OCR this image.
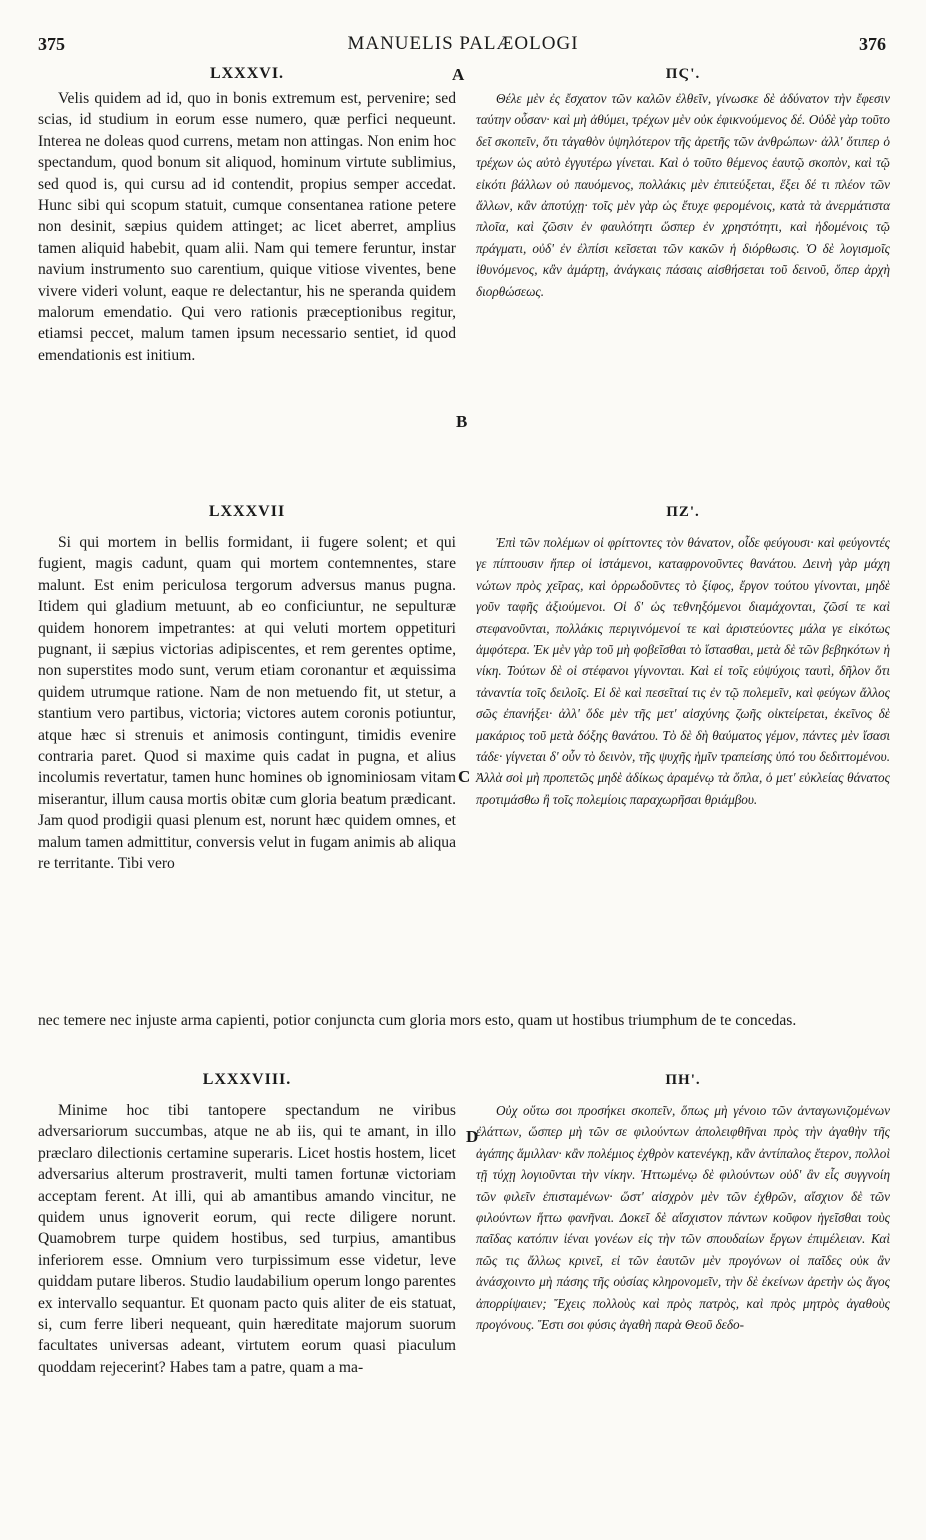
375	MANUELIS PALÆOLOGI	376
A
B
C
D
LXXXVI.	ΠϚ'.
Velis quidem ad id, quo in bonis extremum est, pervenire; sed scias, id studium in eorum esse numero, quæ perfici nequeunt. Interea ne doleas quod currens, metam non attingas. Non enim hoc spectandum, quod bonum sit aliquod, hominum virtute sublimius, sed quod is, qui cursu ad id contendit, propius semper accedat. Hunc sibi qui scopum statuit, cumque consentanea ratione petere non desinit, sæpius quidem attinget; ac licet aberret, amplius tamen aliquid habebit, quam alii. Nam qui temere feruntur, instar navium instrumento suo carentium, quique vitiose viventes, bene vivere videri volunt, eaque re delectantur, his ne speranda quidem malorum emendatio. Qui vero rationis præceptionibus regitur, etiamsi peccet, malum tamen ipsum necessario sentiet, id quod emendationis est initium.
Θέλε μὲν ἐς ἔσχατον τῶν καλῶν ἐλθεῖν, γίνωσκε δὲ ἀδύνατον τὴν ἔφεσιν ταύτην οὖσαν· καὶ μὴ ἀθύμει, τρέχων μὲν οὐκ ἐφικνούμενος δέ. Οὐδὲ γὰρ τοῦτο δεῖ σκοπεῖν, ὅτι τἀγαθὸν ὑψηλότερον τῆς ἀρετῆς τῶν ἀνθρώπων· ἀλλ' ὅτιπερ ὁ τρέχων ὡς αὐτὸ ἐγγυτέρω γίνεται. Καὶ ὁ τοῦτο θέμενος ἑαυτῷ σκοπὸν, καὶ τῷ εἰκότι βάλλων οὐ παυόμενος, πολλάκις μὲν ἐπιτεύξεται, ἕξει δέ τι πλέον τῶν ἄλλων, κἂν ἀποτύχῃ· τοῖς μὲν γὰρ ὡς ἔτυχε φερομένοις, κατὰ τὰ ἀνερμάτιστα πλοῖα, καὶ ζῶσιν ἐν φαυλότητι ὥσπερ ἐν χρηστότητι, καὶ ἡδομένοις τῷ πράγματι, οὐδ' ἐν ἐλπίσι κεῖσεται τῶν κακῶν ἡ διόρθωσις. Ὁ δὲ λογισμοῖς ἰθυνόμενος, κἂν ἁμάρτῃ, ἀνάγκαις πάσαις αἰσθήσεται τοῦ δεινοῦ, ὅπερ ἀρχὴ διορθώσεως.
LXXXVII	ΠΖ'.
Si qui mortem in bellis formidant, ii fugere solent; et qui fugient, magis cadunt, quam qui mortem contemnentes, stare malunt. Est enim periculosa tergorum adversus manus pugna. Itidem qui gladium metuunt, ab eo conficiuntur, ne sepulturæ quidem honorem impetrantes: at qui veluti mortem oppetituri pugnant, ii sæpius victorias adipiscentes, et rem gerentes optime, non superstites modo sunt, verum etiam coronantur et æquissima quidem utrumque ratione. Nam de non metuendo fit, ut stetur, a stantium vero partibus, victoria; victores autem coronis potiuntur, atque hæc si strenuis et animosis contingunt, timidis evenire contraria paret. Quod si maxime quis cadat in pugna, et alius incolumis revertatur, tamen hunc homines ob ignominiosam vitam miserantur, illum causa mortis obitæ cum gloria beatum prædicant. Jam quod prodigii quasi plenum est, norunt hæc quidem omnes, et malum tamen admittitur, conversis velut in fugam animis ab aliqua re territante. Tibi vero
Ἐπὶ τῶν πολέμων οἱ φρίττοντες τὸν θάνατον, οἶδε φεύγουσι· καὶ φεύγοντές γε πίπτουσιν ἤπερ οἱ ἱστάμενοι, καταφρονοῦντες θανάτου. Δεινὴ γὰρ μάχη νώτων πρὸς χεῖρας, καὶ ὀρρωδοῦντες τὸ ξίφος, ἔργον τούτου γίνονται, μηδὲ γοῦν ταφῆς ἀξιούμενοι. Οἱ δ' ὡς τεθνηξόμενοι διαμάχονται, ζῶσί τε καὶ στεφανοῦνται, πολλάκις περιγινόμενοί τε καὶ ἀριστεύοντες μάλα γε εἰκότως ἀμφότερα. Ἐκ μὲν γὰρ τοῦ μὴ φοβεῖσθαι τὸ ἵστασθαι, μετὰ δὲ τῶν βεβηκότων ἡ νίκη. Τούτων δὲ οἱ στέφανοι γίγνονται. Καὶ εἰ τοῖς εὐψύχοις ταυτὶ, δῆλον ὅτι τἀναντία τοῖς δειλοῖς. Εἰ δὲ καὶ πεσεῖταί τις ἐν τῷ πολεμεῖν, καὶ φεύγων ἄλλος σῶς ἐπανήξει· ἀλλ' ὅδε μὲν τῆς μετ' αἰσχύνης ζωῆς οἰκτείρεται, ἐκεῖνος δὲ μακάριος τοῦ μετὰ δόξης θανάτου. Τὸ δὲ δὴ θαύματος γέμον, πάντες μὲν ἴσασι τάδε· γίγνεται δ' οὖν τὸ δεινὸν, τῆς ψυχῆς ἡμῖν τραπείσης ὑπό του δεδιττομένου. Ἀλλὰ σοὶ μὴ προπετῶς μηδὲ ἀδίκως ἀραμένῳ τὰ ὅπλα, ὁ μετ' εὐκλείας θάνατος προτιμάσθω ἢ τοῖς πολεμίοις παραχωρῆσαι θριάμβου.
nec temere nec injuste arma capienti, potior conjuncta cum gloria mors esto, quam ut hostibus triumphum de te concedas.
LXXXVIII.	ΠΗ'.
Minime hoc tibi tantopere spectandum ne viribus adversariorum succumbas, atque ne ab iis, qui te amant, in illo præclaro dilectionis certamine superaris. Licet hostis hostem, licet adversarius alterum prostraverit, multi tamen fortunæ victoriam acceptam ferent. At illi, qui ab amantibus amando vincitur, ne quidem unus ignoverit eorum, qui recte diligere norunt. Quamobrem turpe quidem hostibus, sed turpius, amantibus inferiorem esse. Omnium vero turpissimum esse videtur, leve quiddam putare liberos. Studio laudabilium operum longo parentes ex intervallo sequantur. Et quonam pacto quis aliter de eis statuat, si, cum ferre liberi nequeant, quin hæreditate majorum suorum facultates universas adeant, virtutem eorum quasi piaculum quoddam rejecerint? Habes tam a patre, quam a ma-
Οὐχ οὕτω σοι προσήκει σκοπεῖν, ὅπως μὴ γένοιο τῶν ἀνταγωνιζομένων ἐλάττων, ὥσπερ μὴ τῶν σε φιλούντων ἀπολειφθῆναι πρὸς τὴν ἀγαθὴν τῆς ἀγάπης ἅμιλλαν· κἂν πολέμιος ἐχθρὸν κατενέγκῃ, κἂν ἀντίπαλος ἕτερον, πολλοὶ τῇ τύχῃ λογιοῦνται τὴν νίκην. Ἡττωμένῳ δὲ φιλούντων οὐδ' ἂν εἷς συγγνοίη τῶν φιλεῖν ἐπισταμένων· ὥστ' αἰσχρὸν μὲν τῶν ἐχθρῶν, αἴσχιον δὲ τῶν φιλούντων ἥττω φανῆναι. Δοκεῖ δὲ αἴσχιστον πάντων κοῦφον ἡγεῖσθαι τοὺς παῖδας κατόπιν ἰέναι γονέων εἰς τὴν τῶν σπουδαίων ἔργων ἐπιμέλειαν. Καὶ πῶς τις ἄλλως κρινεῖ, εἰ τῶν ἑαυτῶν μὲν προγόνων οἱ παῖδες οὐκ ἂν ἀνάσχοιντο μὴ πάσης τῆς οὐσίας κληρονομεῖν, τὴν δὲ ἐκείνων ἀρετὴν ὡς ἄγος ἀπορρίψαιεν; Ἔχεις πολλοὺς καὶ πρὸς πατρὸς, καὶ πρὸς μητρὸς ἀγαθοὺς προγόνους. Ἔστι σοι φύσις ἀγαθὴ παρὰ Θεοῦ δεδο-
